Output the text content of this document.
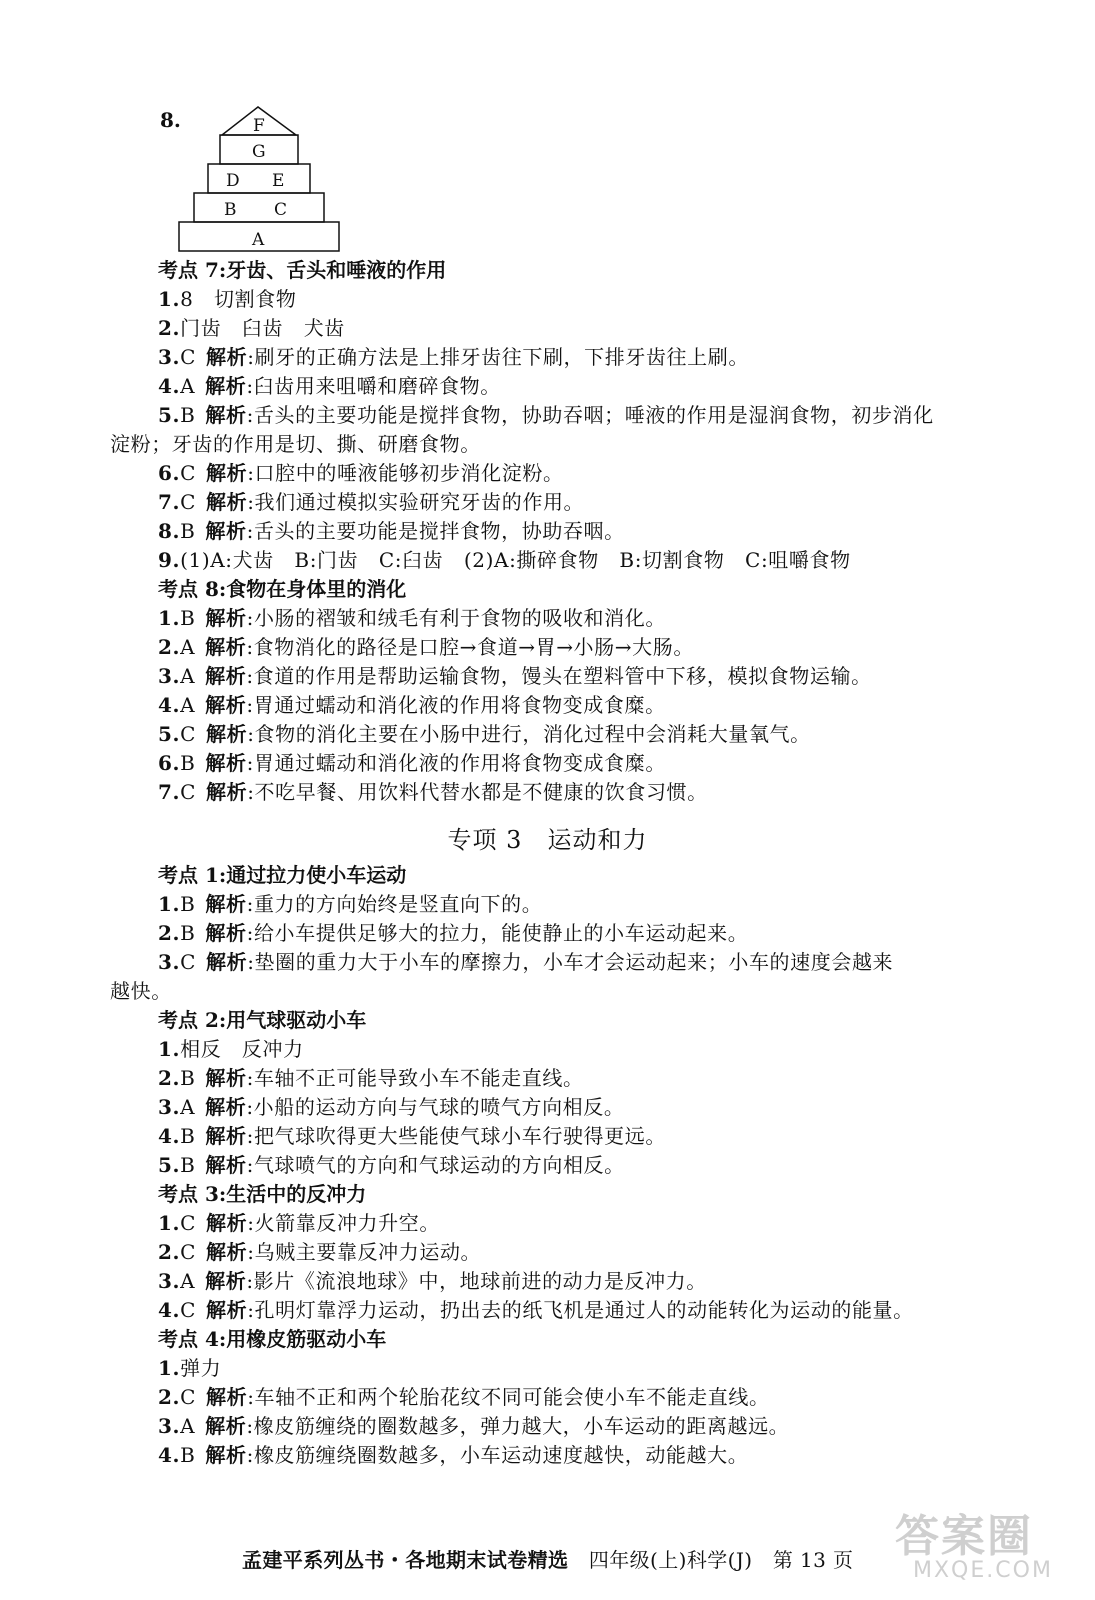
8.	F
G
D E
B C
A
考点 7:牙齿、舌头和唾液的作用
1.8　 切割食物
2.门齿　 臼齿　犬齿
3.C 解析:刷牙的正确方法是上排牙齿往下刷，下排牙齿往上刷。
4.A 解析:臼齿用来咀嚼和磨碎食物。
5.B 解析:舌头的主要功能是搅拌食物，协助吞咽；唾液的作用是湿润食物，初步消化
淀粉；牙齿的作用是切、撕、研磨食物。
6.C 解析:口腔中的唾液能够初步消化淀粉。
7.C 解析:我们通过模拟实验研究牙齿的作用。
8.B 解析:舌头的主要功能是搅拌食物，协助吞咽。
9.(1)A:犬齿　B:门齿　C:臼齿　 (2)A:撕碎食物　B:切割食物　C:咀嚼食物
考点 8:食物在身体里的消化
1.B 解析:小肠的褶皱和绒毛有利于食物的吸收和消化。
2.A 解析:食物消化的路径是口腔→食道→胃→小肠→大肠。
3.A 解析:食道的作用是帮助运输食物，馒头在塑料管中下移，模拟食物运输。
4.A 解析:胃通过蠕动和消化液的作用将食物变成食糜。
5.C 解析:食物的消化主要在小肠中进行，消化过程中会消耗大量氧气。
6.B 解析:胃通过蠕动和消化液的作用将食物变成食糜。
7.C 解析:不吃早餐、用饮料代替水都是不健康的饮食习惯。
专项 3　运动和力
考点 1:通过拉力使小车运动
1.B 解析:重力的方向始终是竖直向下的。
2.B 解析:给小车提供足够大的拉力，能使静止的小车运动起来。
3.C 解析:垫圈的重力大于小车的摩擦力，小车才会运动起来；小车的速度会越来
越快。
考点 2:用气球驱动小车
1.相反　 反冲力
2.B 解析:车轴不正可能导致小车不能走直线。
3.A 解析:小船的运动方向与气球的喷气方向相反。
4.B 解析:把气球吹得更大些能使气球小车行驶得更远。
5.B 解析:气球喷气的方向和气球运动的方向相反。
考点 3:生活中的反冲力
1.C 解析:火箭靠反冲力升空。
2.C 解析:乌贼主要靠反冲力运动。
3.A 解析:影片《流浪地球》中，地球前进的动力是反冲力。
4.C 解析:孔明灯靠浮力运动，扔出去的纸飞机是通过人的动能转化为运动的能量。
考点 4:用橡皮筋驱动小车
1.弹力
2.C 解析:车轴不正和两个轮胎花纹不同可能会使小车不能走直线。
3.A 解析:橡皮筋缠绕的圈数越多，弹力越大，小车运动的距离越远。
4.B 解析:橡皮筋缠绕圈数越多，小车运动速度越快，动能越大。
孟建平系列丛书・各地期末试卷精选　 四年级(上)科学(J)　 第 13 页 答案圈
MXQE.COM
